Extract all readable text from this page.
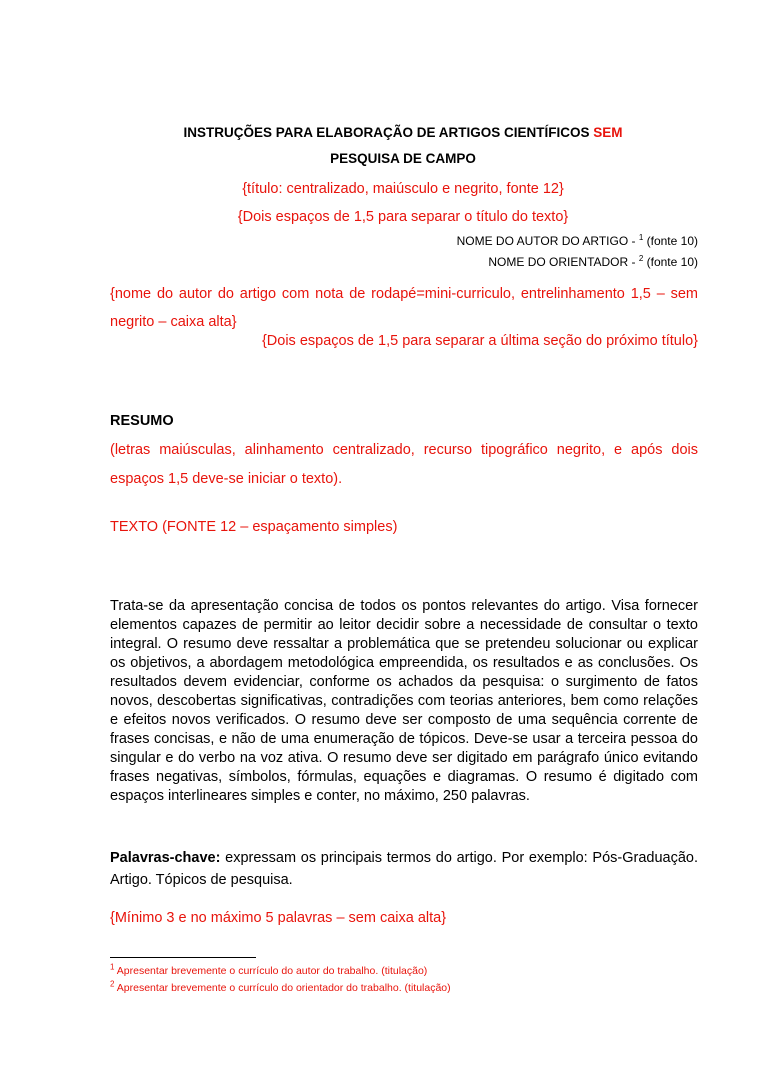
INSTRUÇÕES PARA ELABORAÇÃO DE ARTIGOS CIENTÍFICOS SEM
PESQUISA DE CAMPO
{título: centralizado, maiúsculo e negrito, fonte 12}
{Dois espaços de 1,5 para separar o título do texto}
NOME DO AUTOR DO ARTIGO - $^1$ (fonte 10)
NOME DO ORIENTADOR - $^2$ (fonte 10)
{nome do autor do artigo com nota de rodapé=mini-curriculo, entrelinhamento 1,5 – sem negrito – caixa alta}
{Dois espaços de 1,5 para separar a última seção do próximo título}
RESUMO
(letras maiúsculas, alinhamento centralizado, recurso tipográfico negrito, e após dois espaços 1,5 deve-se iniciar o texto).
TEXTO (FONTE 12 – espaçamento simples)
Trata-se da apresentação concisa de todos os pontos relevantes do artigo. Visa fornecer elementos capazes de permitir ao leitor decidir sobre a necessidade de consultar o texto integral. O resumo deve ressaltar a problemática que se pretendeu solucionar ou explicar os objetivos, a abordagem metodológica empreendida, os resultados e as conclusões. Os resultados devem evidenciar, conforme os achados da pesquisa: o surgimento de fatos novos, descobertas significativas, contradições com teorias anteriores, bem como relações e efeitos novos verificados. O resumo deve ser composto de uma sequência corrente de frases concisas, e não de uma enumeração de tópicos. Deve-se usar a terceira pessoa do singular e do verbo na voz ativa. O resumo deve ser digitado em parágrafo único evitando frases negativas, símbolos, fórmulas, equações e diagramas. O resumo é digitado com espaços interlineares simples e conter, no máximo, 250 palavras.
Palavras-chave: expressam os principais termos do artigo. Por exemplo: Pós-Graduação. Artigo. Tópicos de pesquisa.
{Mínimo 3 e no máximo 5 palavras – sem caixa alta}
$^1$ Apresentar brevemente o currículo do autor do trabalho. (titulação)
$^2$ Apresentar brevemente o currículo do orientador do trabalho. (titulação)
